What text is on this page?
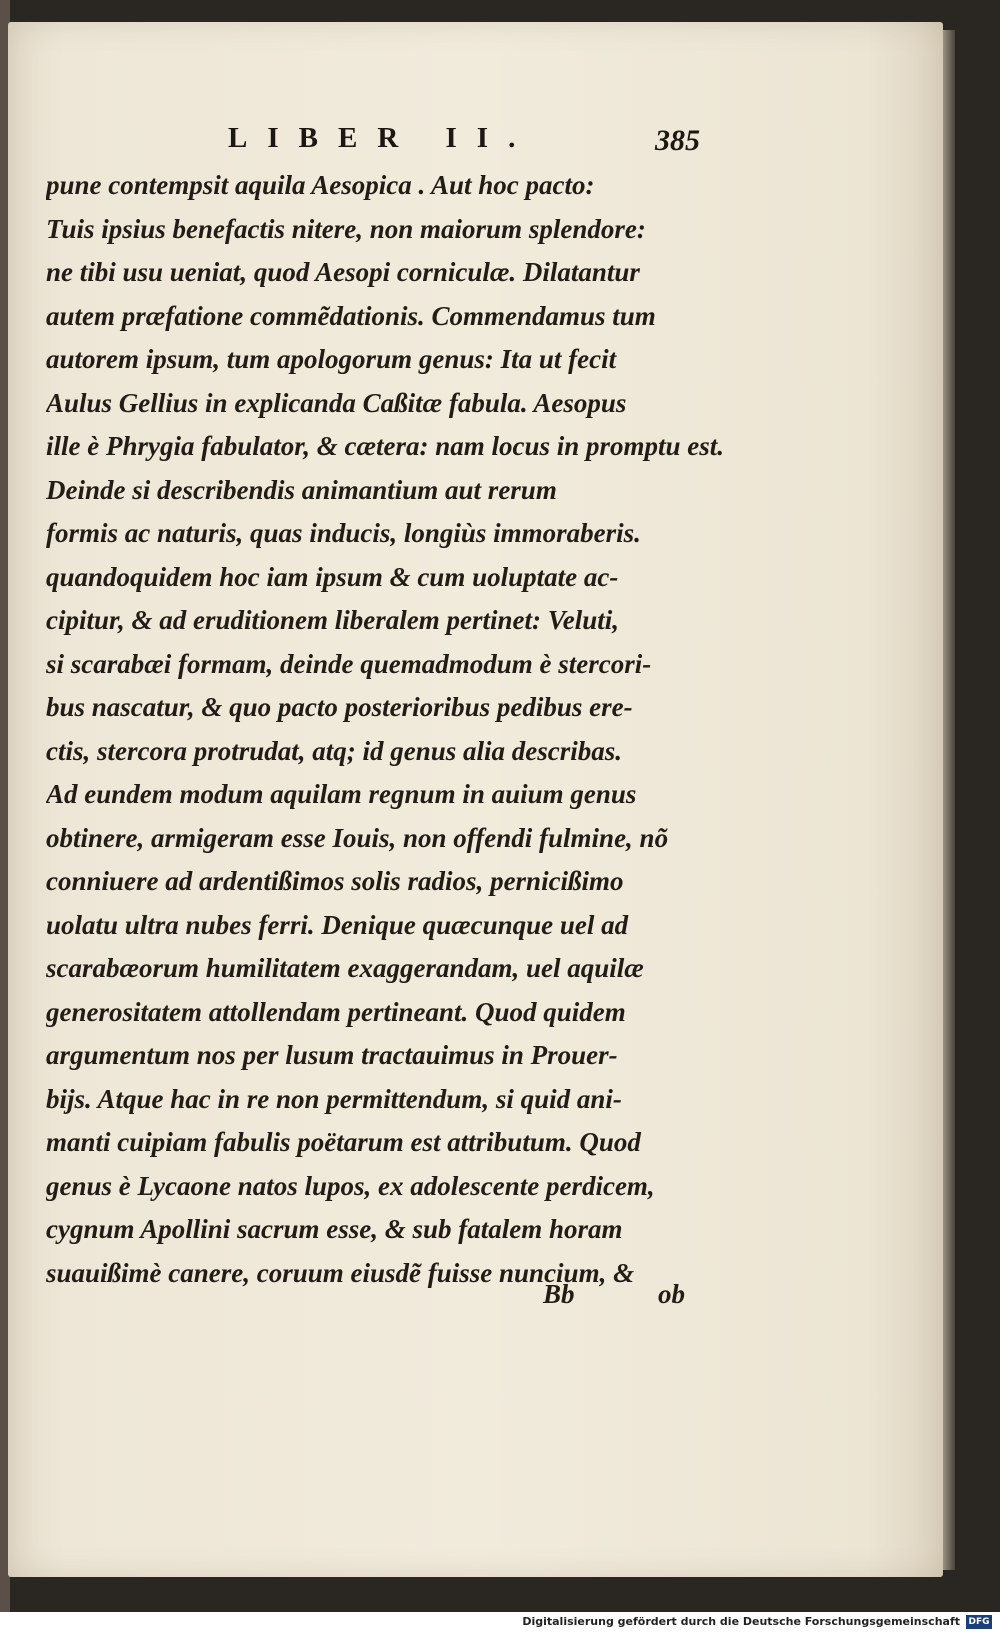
LIBER II.	385
pune contempsit aquila Aesopica . Aut hoc pacto:
Tuis ipsius benefactis nitere, non maiorum splendore:
ne tibi usu ueniat, quod Aesopi corniculæ. Dilatantur
autem præfatione commẽdationis. Commendamus tum
autorem ipsum, tum apologorum genus: Ita ut fecit
Aulus Gellius in explicanda Caßitæ fabula. Aesopus
ille è Phrygia fabulator, & cætera: nam locus in promptu est.
Deinde si describendis animantium aut rerum
formis ac naturis, quas inducis, longiùs immoraberis.
quandoquidem hoc iam ipsum & cum uoluptate ac-
cipitur, & ad eruditionem liberalem pertinet: Veluti,
si scarabæi formam, deinde quemadmodum è stercori-
bus nascatur, & quo pacto posterioribus pedibus ere-
ctis, stercora protrudat, atq; id genus alia describas.
Ad eundem modum aquilam regnum in auium genus
obtinere, armigeram esse Iouis, non offendi fulmine, nõ
conniuere ad ardentißimos solis radios, pernicißimo
uolatu ultra nubes ferri. Denique quæcunque uel ad
scarabæorum humilitatem exaggerandam, uel aquilæ
generositatem attollendam pertineant. Quod quidem
argumentum nos per lusum tractauimus in Prouer-
bijs. Atque hac in re non permittendum, si quid ani-
manti cuipiam fabulis poëtarum est attributum. Quod
genus è Lycaone natos lupos, ex adolescente perdicem,
cygnum Apollini sacrum esse, & sub fatalem horam
suauißimè canere, coruum eiusdẽ fuisse nuncium, &
Bb	ob
Digitalisierung gefördert durch die Deutsche Forschungsgemeinschaft DFG
